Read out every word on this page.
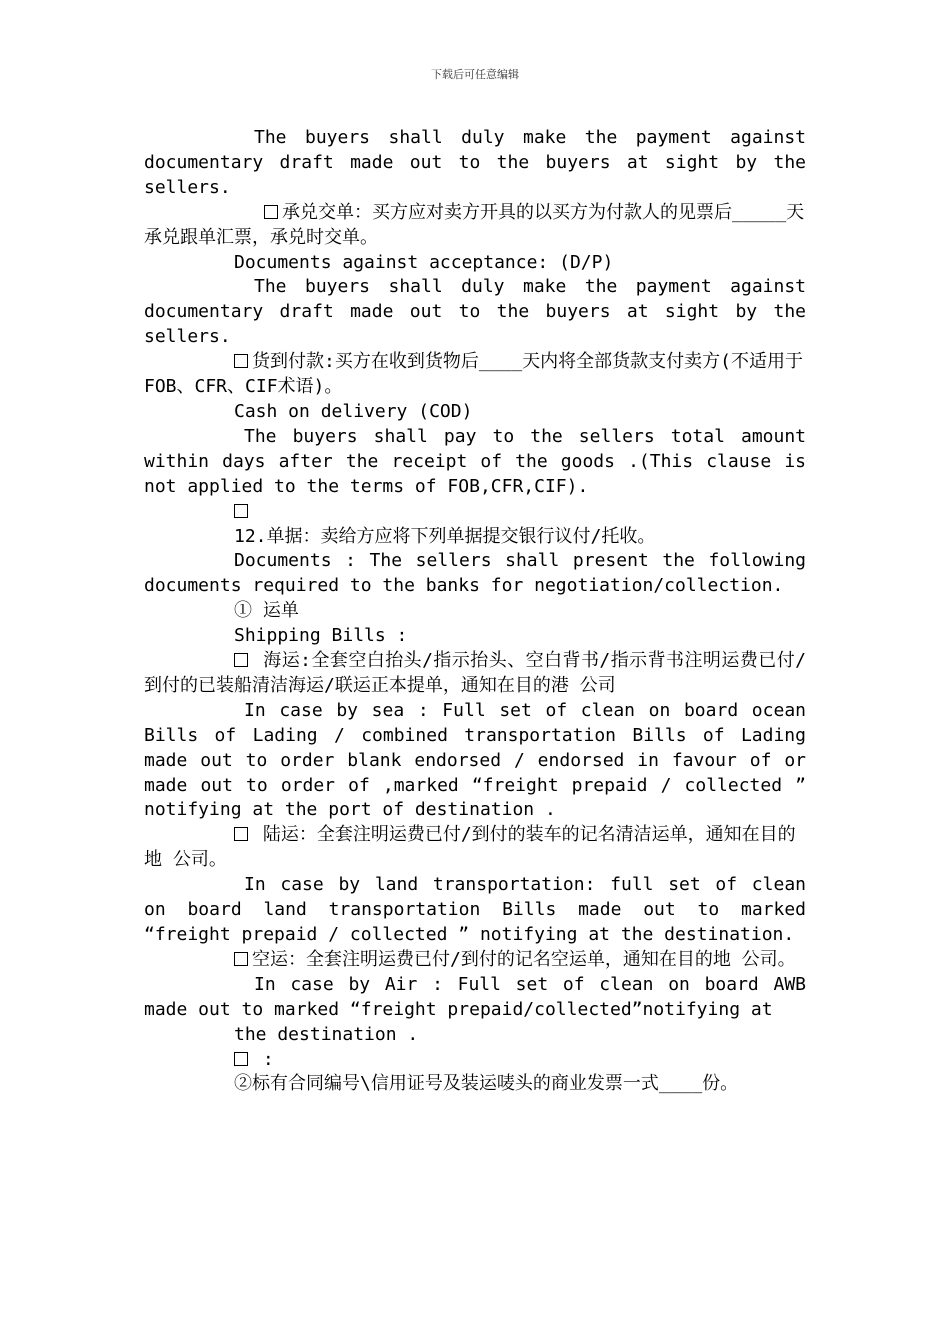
下载后可任意编辑

The buyers shall duly make the payment against documentary draft made out to the buyers at sight by the sellers.

承兑交单：买方应对卖方开具的以买方为付款人的见票后_____天承兑跟单汇票，承兑时交单。

Documents against acceptance: (D/P)

The buyers shall duly make the payment against documentary draft made out to the buyers at sight by the sellers.

货到付款:买方在收到货物后____天内将全部货款支付卖方(不适用于FOB、CFR、CIF术语)。

Cash on delivery (COD)

The buyers shall pay to the sellers total amount within days after the receipt of the goods .(This clause is not applied to the terms of FOB,CFR,CIF).

12.单据：卖给方应将下列单据提交银行议付/托收。

Documents : The sellers shall present the following documents required to the banks for negotiation/collection.

① 运单

Shipping Bills :

海运:全套空白抬头/指示抬头、空白背书/指示背书注明运费已付/到付的已装船清洁海运/联运正本提单，通知在目的港 公司

In case by sea : Full set of clean on board ocean Bills of Lading / combined transportation Bills of Lading made out to order blank endorsed / endorsed in favour of or made out to order of ,marked “freight prepaid / collected ” notifying at the port of destination .

陆运：全套注明运费已付/到付的装车的记名清洁运单，通知在目的地 公司。

In case by land transportation: full set of clean on board land transportation Bills made out to marked “freight prepaid / collected ” notifying at the destination.

空运：全套注明运费已付/到付的记名空运单，通知在目的地 公司。

In case by Air : Full set of clean on board AWB made out to marked “freight prepaid/collected”notifying at

the destination .

:

②标有合同编号\信用证号及装运唛头的商业发票一式____份。
